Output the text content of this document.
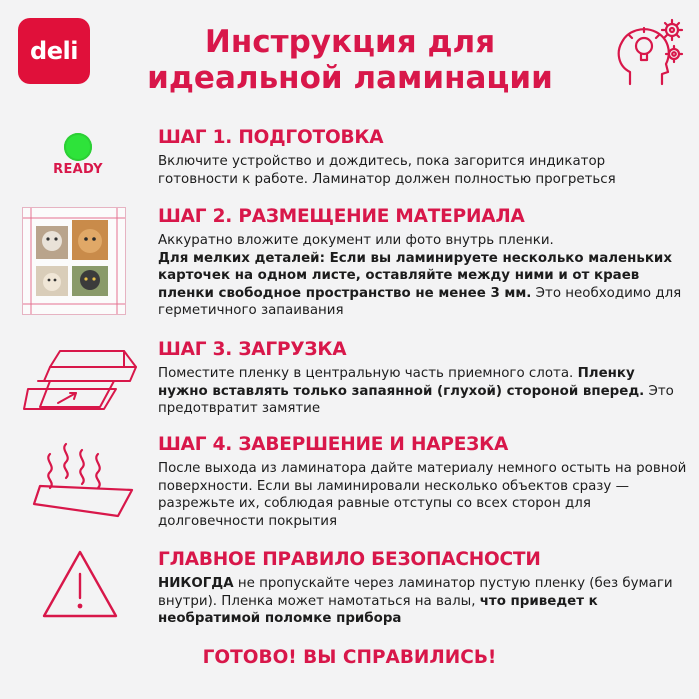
deli	Инструкция для
идеальной ламинации
READY
ШАГ 1. ПОДГОТОВКА

Включите устройство и дождитесь, пока загорится индикатор готовности к работе. Ламинатор должен полностью прогреться

ШАГ 2. РАЗМЕЩЕНИЕ МАТЕРИАЛА

Аккуратно вложите документ или фото внутрь пленки.

Для мелких деталей: Если вы ламинируете несколько маленьких карточек на одном листе, оставляйте между ними и от краев пленки свободное пространство не менее 3 мм. Это необходимо для герметичного запаивания

ШАГ 3. ЗАГРУЗКА

Поместите пленку в центральную часть приемного слота. Пленку нужно вставлять только запаянной (глухой) стороной вперед. Это предотвратит замятие

ШАГ 4. ЗАВЕРШЕНИЕ И НАРЕЗКА

После выхода из ламинатора дайте материалу немного остыть на ровной поверхности. Если вы ламинировали несколько объектов сразу — разрежьте их, соблюдая равные отступы со всех сторон для долговечности покрытия

ГЛАВНОЕ ПРАВИЛО БЕЗОПАСНОСТИ

НИКОГДА не пропускайте через ламинатор пустую пленку (без бумаги внутри). Пленка может намотаться на валы, что приведет к необратимой поломке прибора

ГОТОВО! ВЫ СПРАВИЛИСЬ!
